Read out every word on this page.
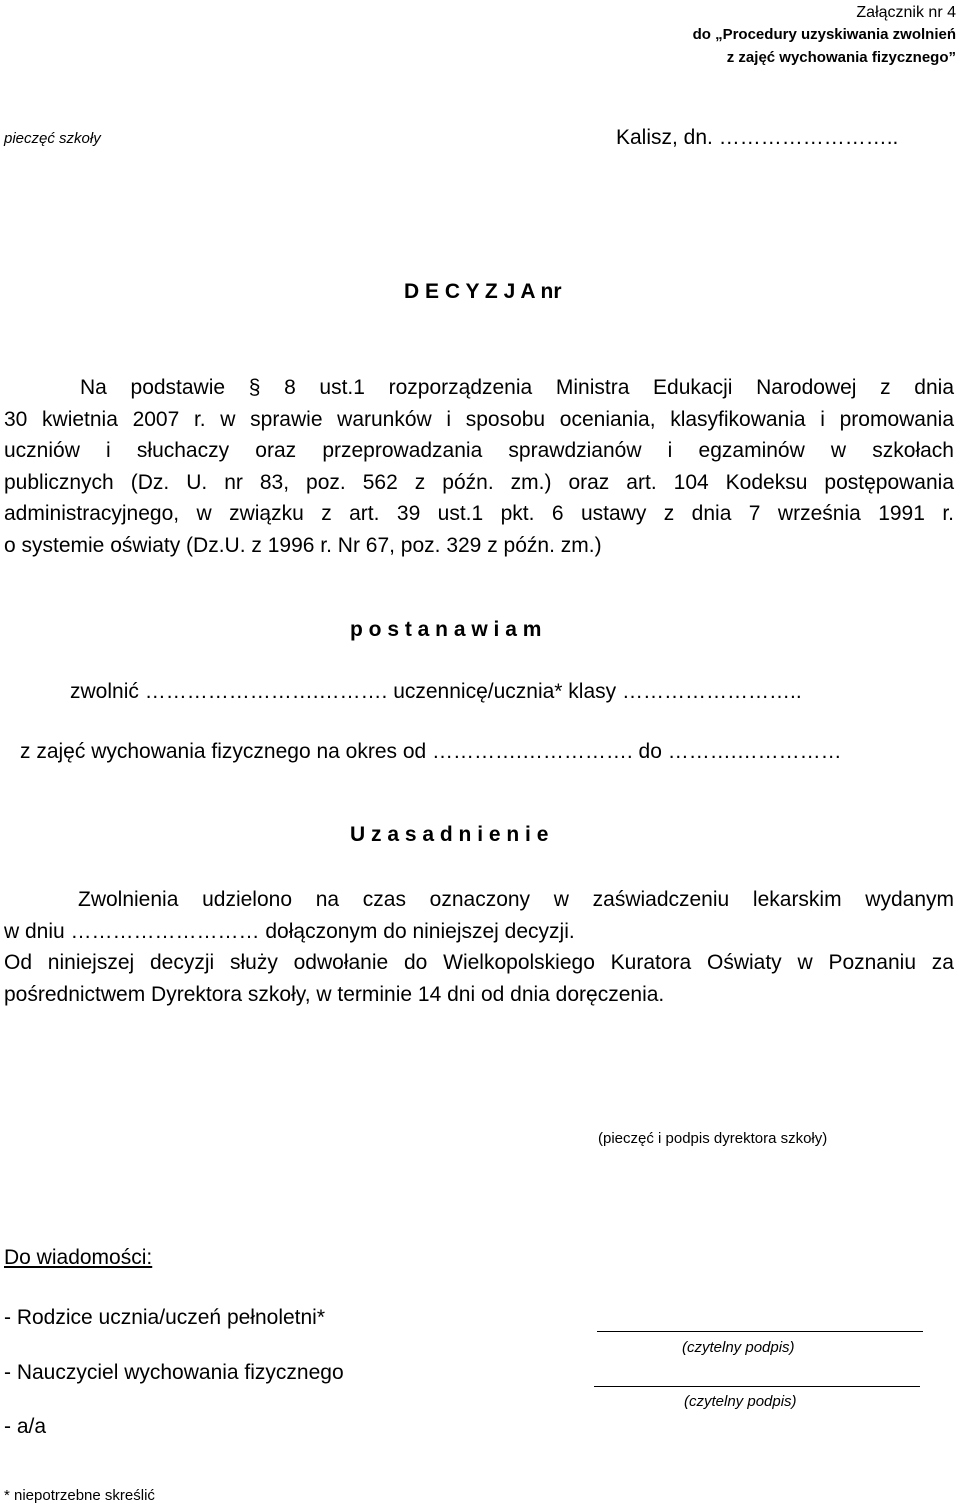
Załącznik nr 4
do „Procedury uzyskiwania zwolnień
z zajęć wychowania fizycznego”
pieczęć szkoły	Kalisz, dn. ……………………..
D E C Y Z J A nr
Na podstawie § 8 ust.1 rozporządzenia Ministra Edukacji Narodowej z dnia
30 kwietnia 2007 r. w sprawie warunków i sposobu oceniania, klasyfikowania i promowania
uczniów i słuchaczy oraz przeprowadzania sprawdzianów i egzaminów w szkołach
publicznych (Dz. U. nr 83, poz. 562 z późn. zm.) oraz art. 104 Kodeksu postępowania
administracyjnego, w związku z art. 39 ust.1 pkt. 6 ustawy z dnia 7 września 1991 r.
o systemie oświaty (Dz.U. z 1996 r. Nr 67, poz. 329 z późn. zm.)
p o s t a n a w i a m
zwolnić …………………….………. uczennicę/ucznia* klasy ……………………..
z zajęć wychowania fizycznego na okres od ………….……………. do ……….……………
U z a s a d n i e n i e
Zwolnienia udzielono na czas oznaczony w zaświadczeniu lekarskim wydanym
w dniu ……………………… dołączonym do niniejszej decyzji.
Od niniejszej decyzji służy odwołanie do Wielkopolskiego Kuratora Oświaty w Poznaniu za
pośrednictwem Dyrektora szkoły, w terminie 14 dni od dnia doręczenia.
(pieczęć i podpis dyrektora szkoły)
Do wiadomości:
- Rodzice ucznia/uczeń pełnoletni*
- Nauczyciel wychowania fizycznego
- a/a
(czytelny podpis)
(czytelny podpis)
* niepotrzebne skreślić
